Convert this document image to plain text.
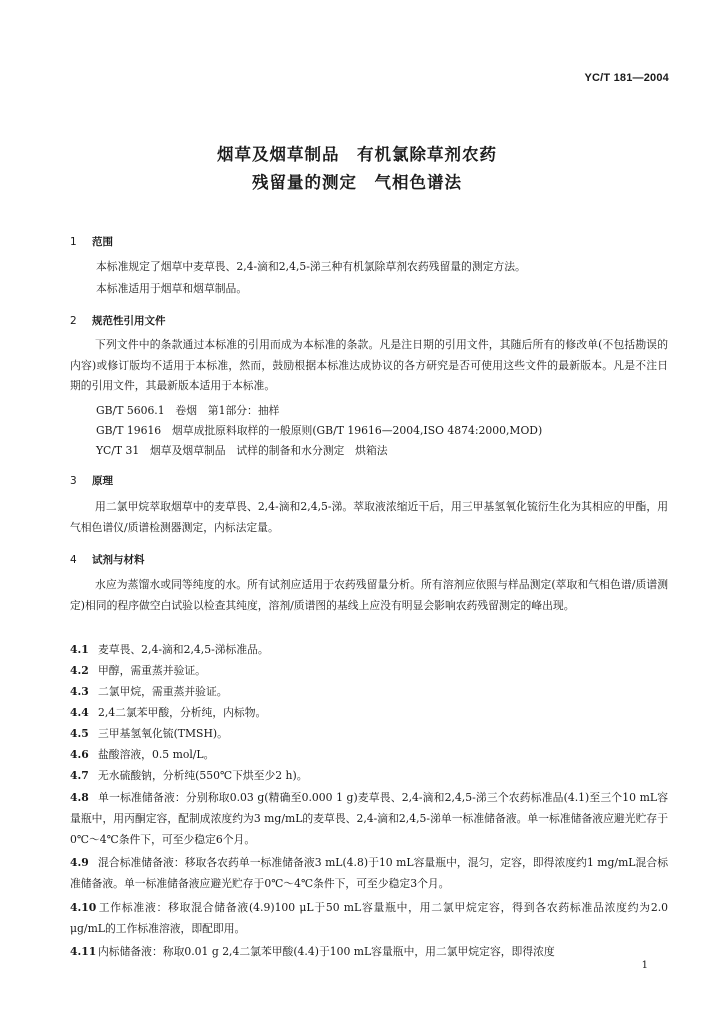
YC/T 181—2004
烟草及烟草制品　有机氯除草剂农药
残留量的测定　气相色谱法
1 范围
本标准规定了烟草中麦草畏、2,4-滴和2,4,5-涕三种有机氯除草剂农药残留量的测定方法。
本标准适用于烟草和烟草制品。
2 规范性引用文件

下列文件中的条款通过本标准的引用而成为本标准的条款。凡是注日期的引用文件，其随后所有的修改单(不包括勘误的内容)或修订版均不适用于本标准，然而，鼓励根据本标准达成协议的各方研究是否可使用这些文件的最新版本。凡是不注日期的引用文件，其最新版本适用于本标准。

GB/T 5606.1　卷烟　第1部分：抽样
GB/T 19616　烟草成批原料取样的一般原则(GB/T 19616—2004,ISO 4874:2000,MOD)
YC/T 31　烟草及烟草制品　试样的制备和水分测定　烘箱法
3 原理

用二氯甲烷萃取烟草中的麦草畏、2,4-滴和2,4,5-涕。萃取液浓缩近干后，用三甲基氢氧化锍衍生化为其相应的甲酯，用气相色谱仪/质谱检测器测定，内标法定量。

4 试剂与材料

水应为蒸馏水或同等纯度的水。所有试剂应适用于农药残留量分析。所有溶剂应依照与样品测定(萃取和气相色谱/质谱测定)相同的程序做空白试验以检查其纯度，溶剂/质谱图的基线上应没有明显会影响农药残留测定的峰出现。

4.1 麦草畏、2,4-滴和2,4,5-涕标准品。
4.2 甲醇，需重蒸并验证。
4.3 二氯甲烷，需重蒸并验证。
4.4 2,4二氯苯甲酸，分析纯，内标物。
4.5 三甲基氢氧化锍(TMSH)。
4.6 盐酸溶液，0.5 mol/L。
4.7 无水硫酸钠，分析纯(550℃下烘至少2 h)。
4.8 单一标准储备液：分别称取0.03 g(精确至0.000 1 g)麦草畏、2,4-滴和2,4,5-涕三个农药标准品(4.1)至三个10 mL容量瓶中，用丙酮定容，配制成浓度约为3 mg/mL的麦草畏、2,4-滴和2,4,5-涕单一标准储备液。单一标准储备液应避光贮存于0℃～4℃条件下，可至少稳定6个月。
4.9 混合标准储备液：移取各农药单一标准储备液3 mL(4.8)于10 mL容量瓶中，混匀，定容，即得浓度约1 mg/mL混合标准储备液。单一标准储备液应避光贮存于0℃～4℃条件下，可至少稳定3个月。
4.10 工作标准液：移取混合储备液(4.9)100 μL于50 mL容量瓶中，用二氯甲烷定容，得到各农药标准品浓度约为2.0 μg/mL的工作标准溶液，即配即用。
4.11 内标储备液：称取0.01 g 2,4二氯苯甲酸(4.4)于100 mL容量瓶中，用二氯甲烷定容，即得浓度
1
